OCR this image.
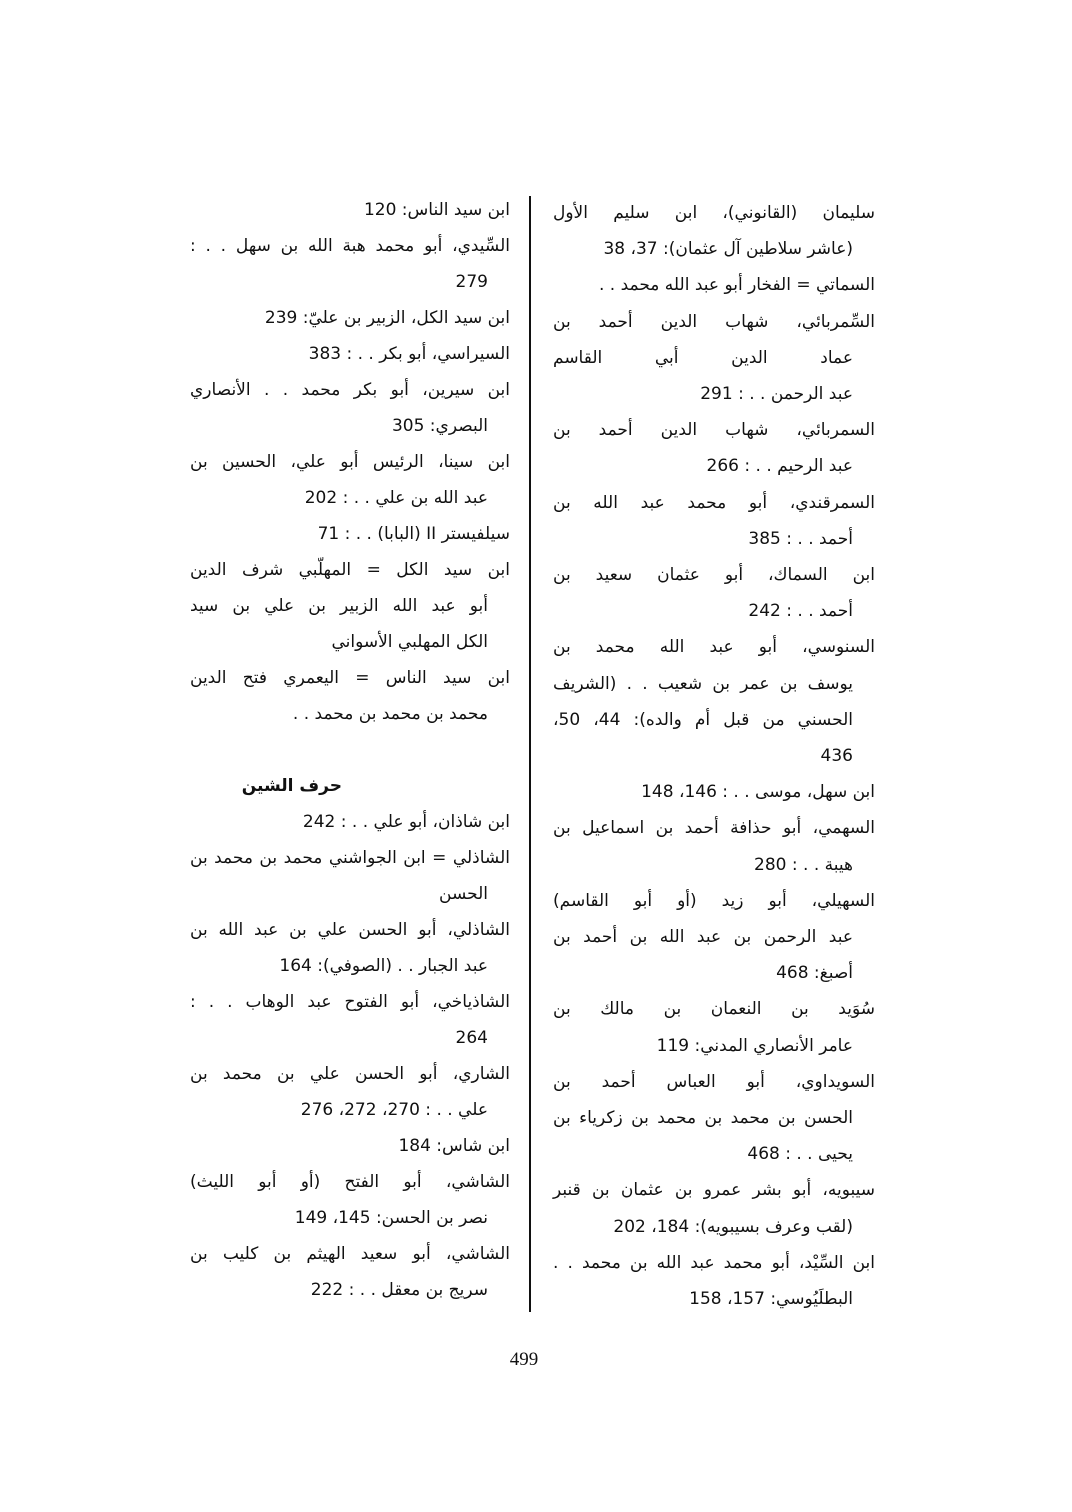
سليمان (القانوني)، ابن سليم الأول
(عاشر سلاطين آل عثمان): 37، 38
السماتي = الفخار أبو عبد الله محمد . .
السِّمربائي، شهاب الدين أحمد بن
عماد الدين أبي القاسم
عبد الرحمن . . : 291
السمربائي، شهاب الدين أحمد بن
عبد الرحيم . . : 266
السمرقندي، أبو محمد عبد الله بن
أحمد . . : 385
ابن السماك، أبو عثمان سعيد بن
أحمد . . : 242
السنوسي، أبو عبد الله محمد بن
يوسف بن عمر بن شعيب . . (الشريف
الحسني من قبل أم والده): 44، 50،
436
ابن سهل، موسى . . : 146، 148
السهمي، أبو حذافة أحمد بن اسماعيل بن
هيبة . . : 280
السهيلي، أبو زيد (أو أبو القاسم)
عبد الرحمن بن عبد الله بن أحمد بن
أصبغ: 468
سُوَيد بن النعمان بن مالك بن
عامر الأنصاري المدني: 119
السويداوي، أبو العباس أحمد بن
الحسن بن محمد بن محمد بن زكرياء بن
يحيى . . : 468
سيبويه، أبو بشر عمرو بن عثمان بن قنبر
(لقب وعرف بسيبويه): 184، 202
ابن السِّيْد، أبو محمد عبد الله بن محمد . .
البطلَيُوسي: 157، 158
ابن سيد الناس: 120
السِّيدي، أبو محمد هبة الله بن سهل . . :
279
ابن سيد الكل، الزبير بن عليّ: 239
السيراسي، أبو بكر . . : 383
ابن سيرين، أبو بكر محمد . . الأنصاري
البصري: 305
ابن سينا، الرئيس أبو علي، الحسين بن
عبد الله بن علي . . : 202
سيلفيستر II (البابا) . . : 71
ابن سيد الكل = المهلّبي شرف الدين
أبو عبد الله الزبير بن علي بن سيد
الكل المهلبي الأسواني
ابن سيد الناس = اليعمري فتح الدين
محمد بن محمد بن محمد . .
حرف الشين
ابن شاذان، أبو علي . . : 242
الشاذلي = ابن الجواشني محمد بن محمد بن
الحسن
الشاذلي، أبو الحسن علي بن عبد الله بن
عبد الجبار . . (الصوفي): 164
الشاذياخي، أبو الفتوح عبد الوهاب . . :
264
الشاري، أبو الحسن علي بن محمد بن
علي . . : 270، 272، 276
ابن شاس: 184
الشاشي، أبو الفتح (أو أبو الليث)
نصر بن الحسن: 145، 149
الشاشي، أبو سعيد الهيثم بن كليب بن
سريج بن معقل . . : 222
499
